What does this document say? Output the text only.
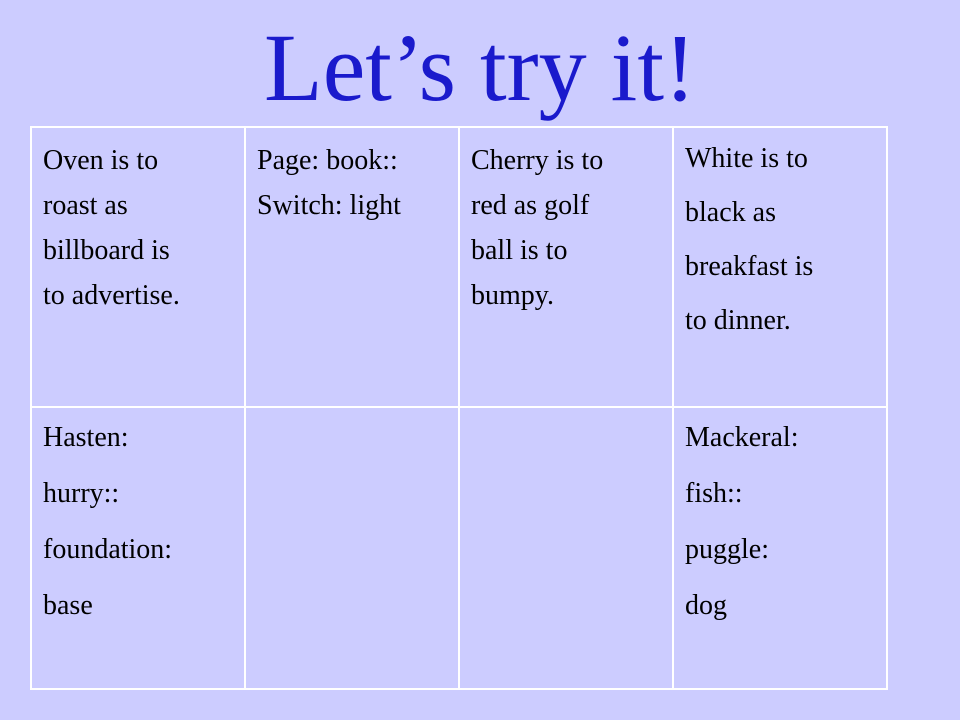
Let’s try it!
Oven is to
roast as
billboard is
to advertise.
Page: book::
Switch: light
Cherry is to
red as golf
ball is to
bumpy.
White is to
black as
breakfast is
to dinner.
Hasten:
hurry::
foundation:
base
Mackeral:
fish::
puggle:
dog
